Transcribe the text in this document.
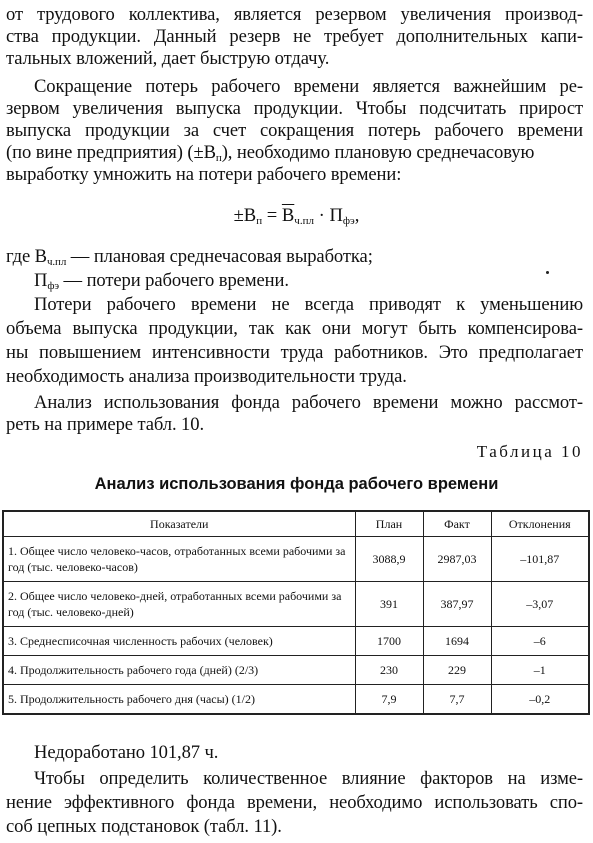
от трудового коллектива, является резервом увеличения производ-
ства продукции. Данный резерв не требует дополнительных капи-
тальных вложений, дает быструю отдачу.
Сокращение потерь рабочего времени является важнейшим ре-
зервом увеличения выпуска продукции. Чтобы подсчитать прирост
выпуска продукции за счет сокращения потерь рабочего времени
(по вине предприятия) $(\pm В_п)$, необходимо плановую среднечасовую
выработку умножить на потери рабочего времени:
$\pm В_п = В_{ч.пл} \cdot П_{фэ}$,
где $В_{ч.пл}$ — плановая среднечасовая выработка;
$П_{фэ}$ — потери рабочего времени.
Потери рабочего времени не всегда приводят к уменьшению
объема выпуска продукции, так как они могут быть компенсирова-
ны повышением интенсивности труда работников. Это предполагает
необходимость анализа производительности труда.
Анализ использования фонда рабочего времени можно рассмот-
реть на примере табл. 10.
Таблица 10
Анализ использования фонда рабочего времени
Показатели	План	Факт	Отклонения
1. Общее число человеко-часов, отработанных всеми рабочими за год (тыс. человеко-часов)	3088,9	2987,03	–101,87
2. Общее число человеко-дней, отработанных всеми рабочими за год (тыс. человеко-дней)	391	387,97	–3,07
3. Среднесписочная численность рабочих (человек)	1700	1694	–6
4. Продолжительность рабочего года (дней) (2/3)	230	229	–1
5. Продолжительность рабочего дня (часы) (1/2)	7,9	7,7	–0,2
Недоработано 101,87 ч.
Чтобы определить количественное влияние факторов на изме-
нение эффективного фонда времени, необходимо использовать спо-
соб цепных подстановок (табл. 11).
